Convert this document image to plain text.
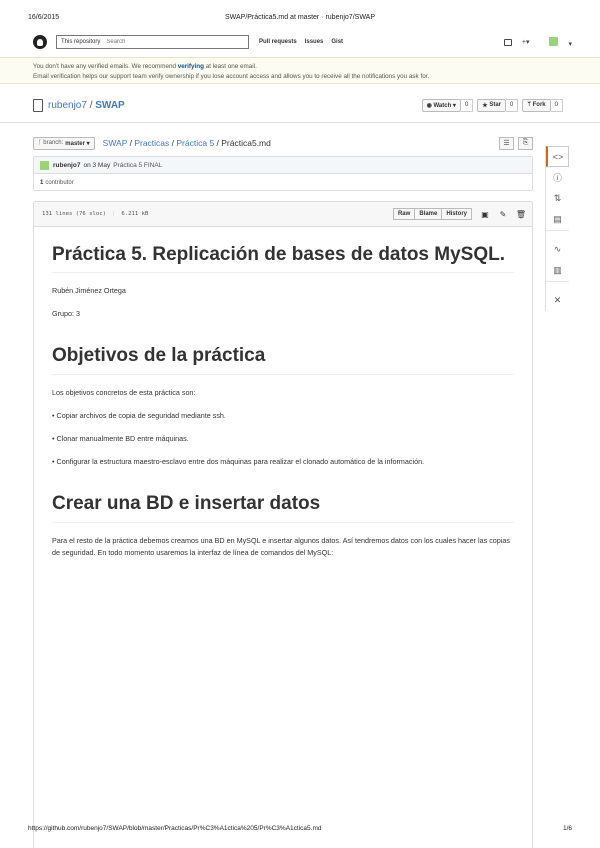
16/6/2015	SWAP/Práctica5.md at master · rubenjo7/SWAP
This repository
Search	Pull requests Issues Gist	+▾	▾
You don't have any verified emails. We recommend verifying at least one email.
Email verification helps our support team verify ownership if you lose account access and allows you to receive all the notifications you ask for.
rubenjo7 / SWAP	◉ Watch ▾	0	★ Star	0	ᛘ Fork	0
<>
ⓘ
⇅
▤
∿
▥
✕
ᚴ branch: master ▾ SWAP / Practicas / Práctica 5 / Práctica5.md	☰	⎘
rubenjo7 on 3 May Práctica 5 FINAL
1 contributor
131 lines (76 sloc) | 6.211 kB	Raw	Blame	History	▣ ✎ 🗑
Práctica 5. Replicación de bases de datos MySQL.

Rubén Jiménez Ortega

Grupo: 3

Objetivos de la práctica

Los objetivos concretos de esta práctica son:

• Copiar archivos de copia de seguridad mediante ssh.

• Clonar manualmente BD entre máquinas.

• Configurar la estructura maestro-esclavo entre dos máquinas para realizar el clonado automático de la información.

Crear una BD e insertar datos

Para el resto de la práctica debemos creamos una BD en MySQL e insertar algunos datos. Así tendremos datos con los cuales hacer las copias de seguridad. En todo momento usaremos la interfaz de línea de comandos del MySQL:

https://github.com/rubenjo7/SWAP/blob/master/Practicas/Pr%C3%A1ctica%205/Pr%C3%A1ctica5.md	1/6
